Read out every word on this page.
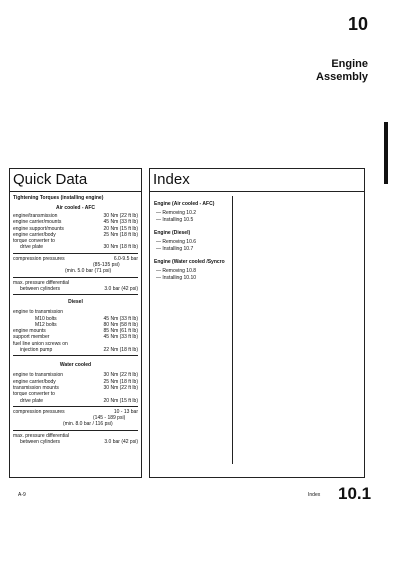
10
Engine
Assembly
Quick Data
Tightening Torques (installing engine)
Air cooled - AFC
engine/transmission	30 Nm (22 ft lb)
engine carrier/mounts	45 Nm (33 ft lb)
engine support/mounts	20 Nm (15 ft lb)
engine carrier/body	25 Nm (18 ft lb)
torque converter to
drive plate	30 Nm (18 ft lb)
compression pressures	6.0-9.5 bar
(85-135 psi)
(min. 5.0 bar (71 psi)
max. pressure differential
between cylinders	3.0 bar (42 psi)
Diesel
engine to transmission
M10 bolts	45 Nm (33 ft lb)
M12 bolts	80 Nm (58 ft lb)
engine mounts	85 Nm (61 ft lb)
support member	45 Nm (33 ft lb)
fuel line union screws on
injection pump	22 Nm (18 ft lb)
Water cooled
engine to transmission	30 Nm (22 ft lb)
engine carrier/body	25 Nm (18 ft lb)
transmission mounts	30 Nm (22 ft lb)
torque converter to
drive plate	20 Nm (15 ft lb)
compression pressures	10 - 13 bar
(145 - 189 psi)
(min. 8.0 bar / 116 psi)
max. pressure differential
between cylinders	3.0 bar (42 psi)
Index
Engine (Air cooled - AFC)
— Removing 10.2
— Installing 10.5
Engine (Diesel)
— Removing 10.6
— Installing 10.7
Engine (Water cooled /Syncro
— Removing 10.8
— Installing 10.10
A-9	Index 10.1
